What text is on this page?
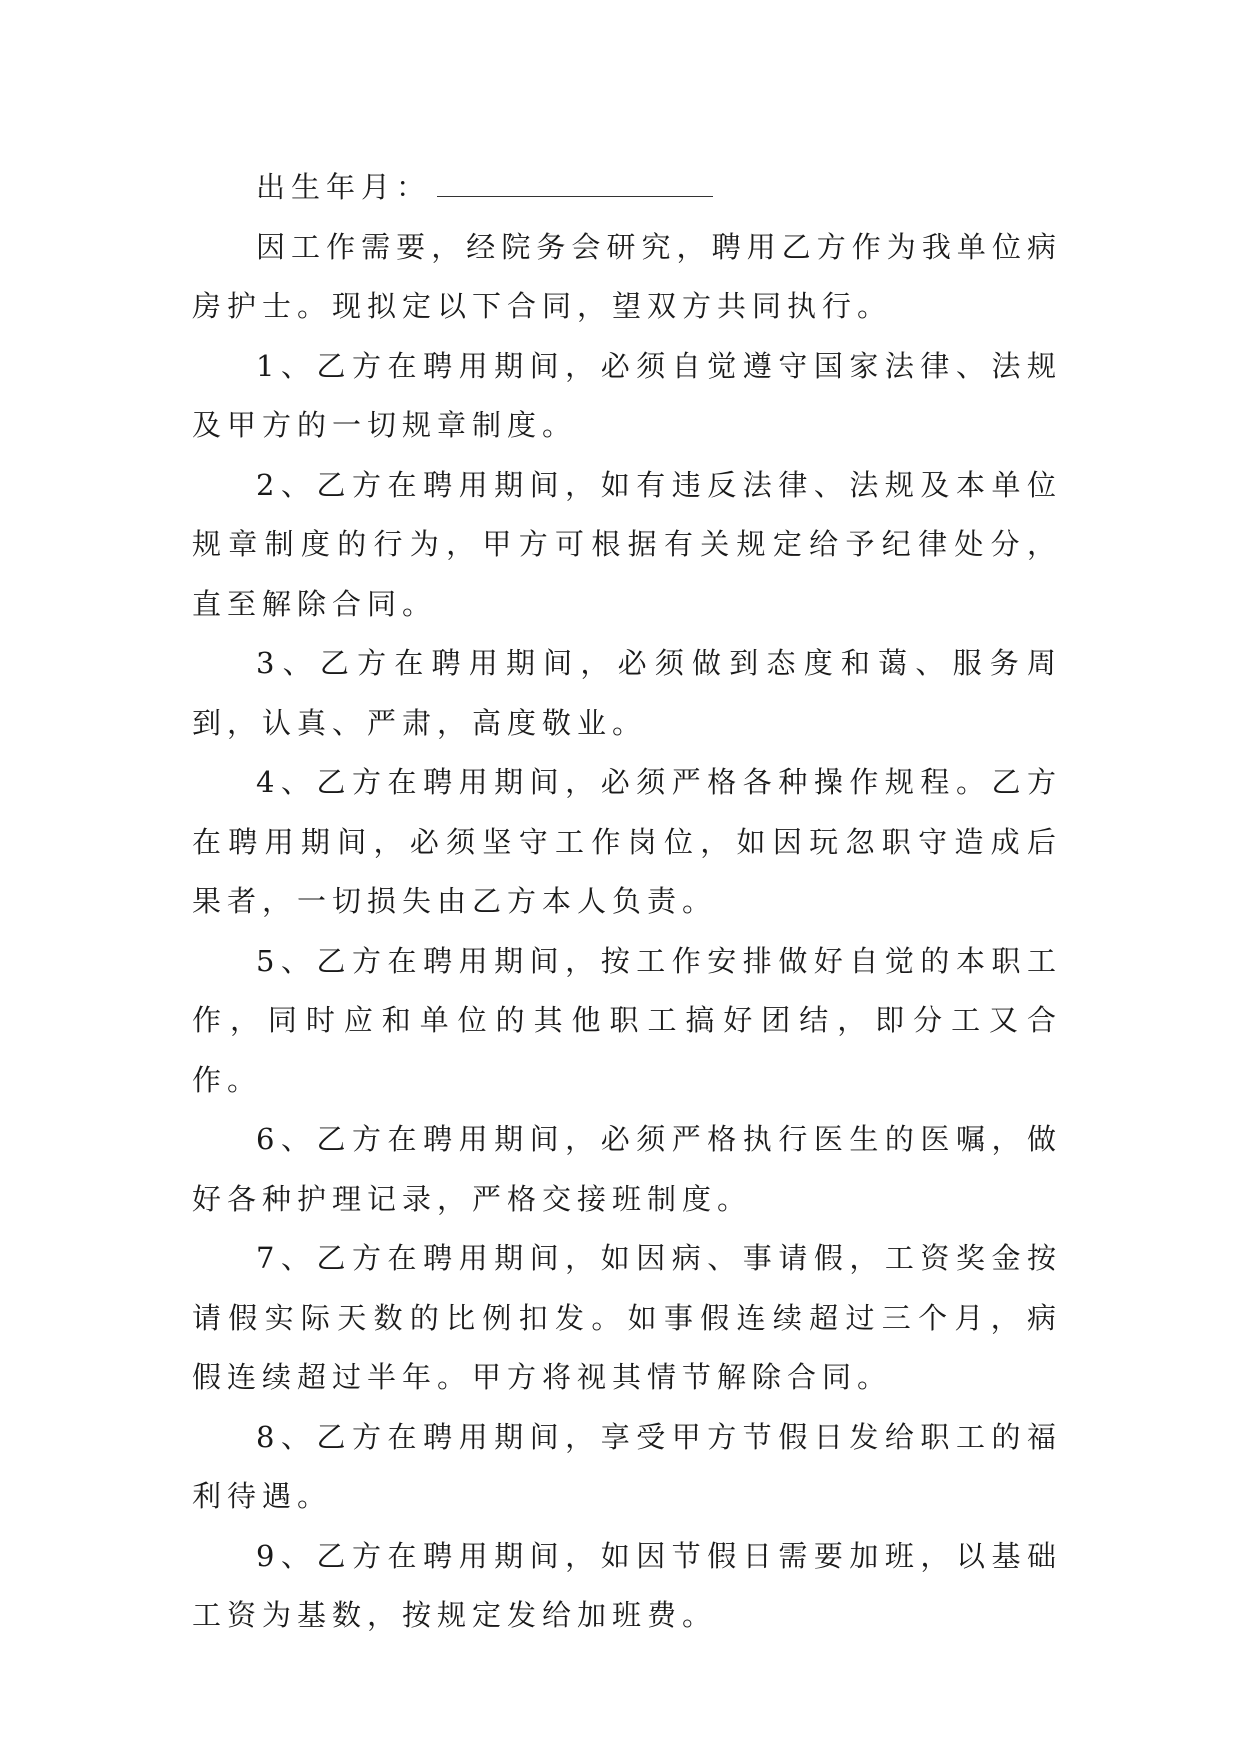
出生年月：

因工作需要，经院务会研究，聘用乙方作为我单位病房护士。现拟定以下合同，望双方共同执行。

1、乙方在聘用期间，必须自觉遵守国家法律、法规及甲方的一切规章制度。

2、乙方在聘用期间，如有违反法律、法规及本单位规章制度的行为，甲方可根据有关规定给予纪律处分，直至解除合同。

3、乙方在聘用期间，必须做到态度和蔼、服务周到，认真、严肃，高度敬业。

4、乙方在聘用期间，必须严格各种操作规程。乙方在聘用期间，必须坚守工作岗位，如因玩忽职守造成后果者，一切损失由乙方本人负责。

5、乙方在聘用期间，按工作安排做好自觉的本职工作，同时应和单位的其他职工搞好团结，即分工又合作。

6、乙方在聘用期间，必须严格执行医生的医嘱，做好各种护理记录，严格交接班制度。

7、乙方在聘用期间，如因病、事请假，工资奖金按请假实际天数的比例扣发。如事假连续超过三个月，病假连续超过半年。甲方将视其情节解除合同。

8、乙方在聘用期间，享受甲方节假日发给职工的福利待遇。

9、乙方在聘用期间，如因节假日需要加班，以基础工资为基数，按规定发给加班费。
